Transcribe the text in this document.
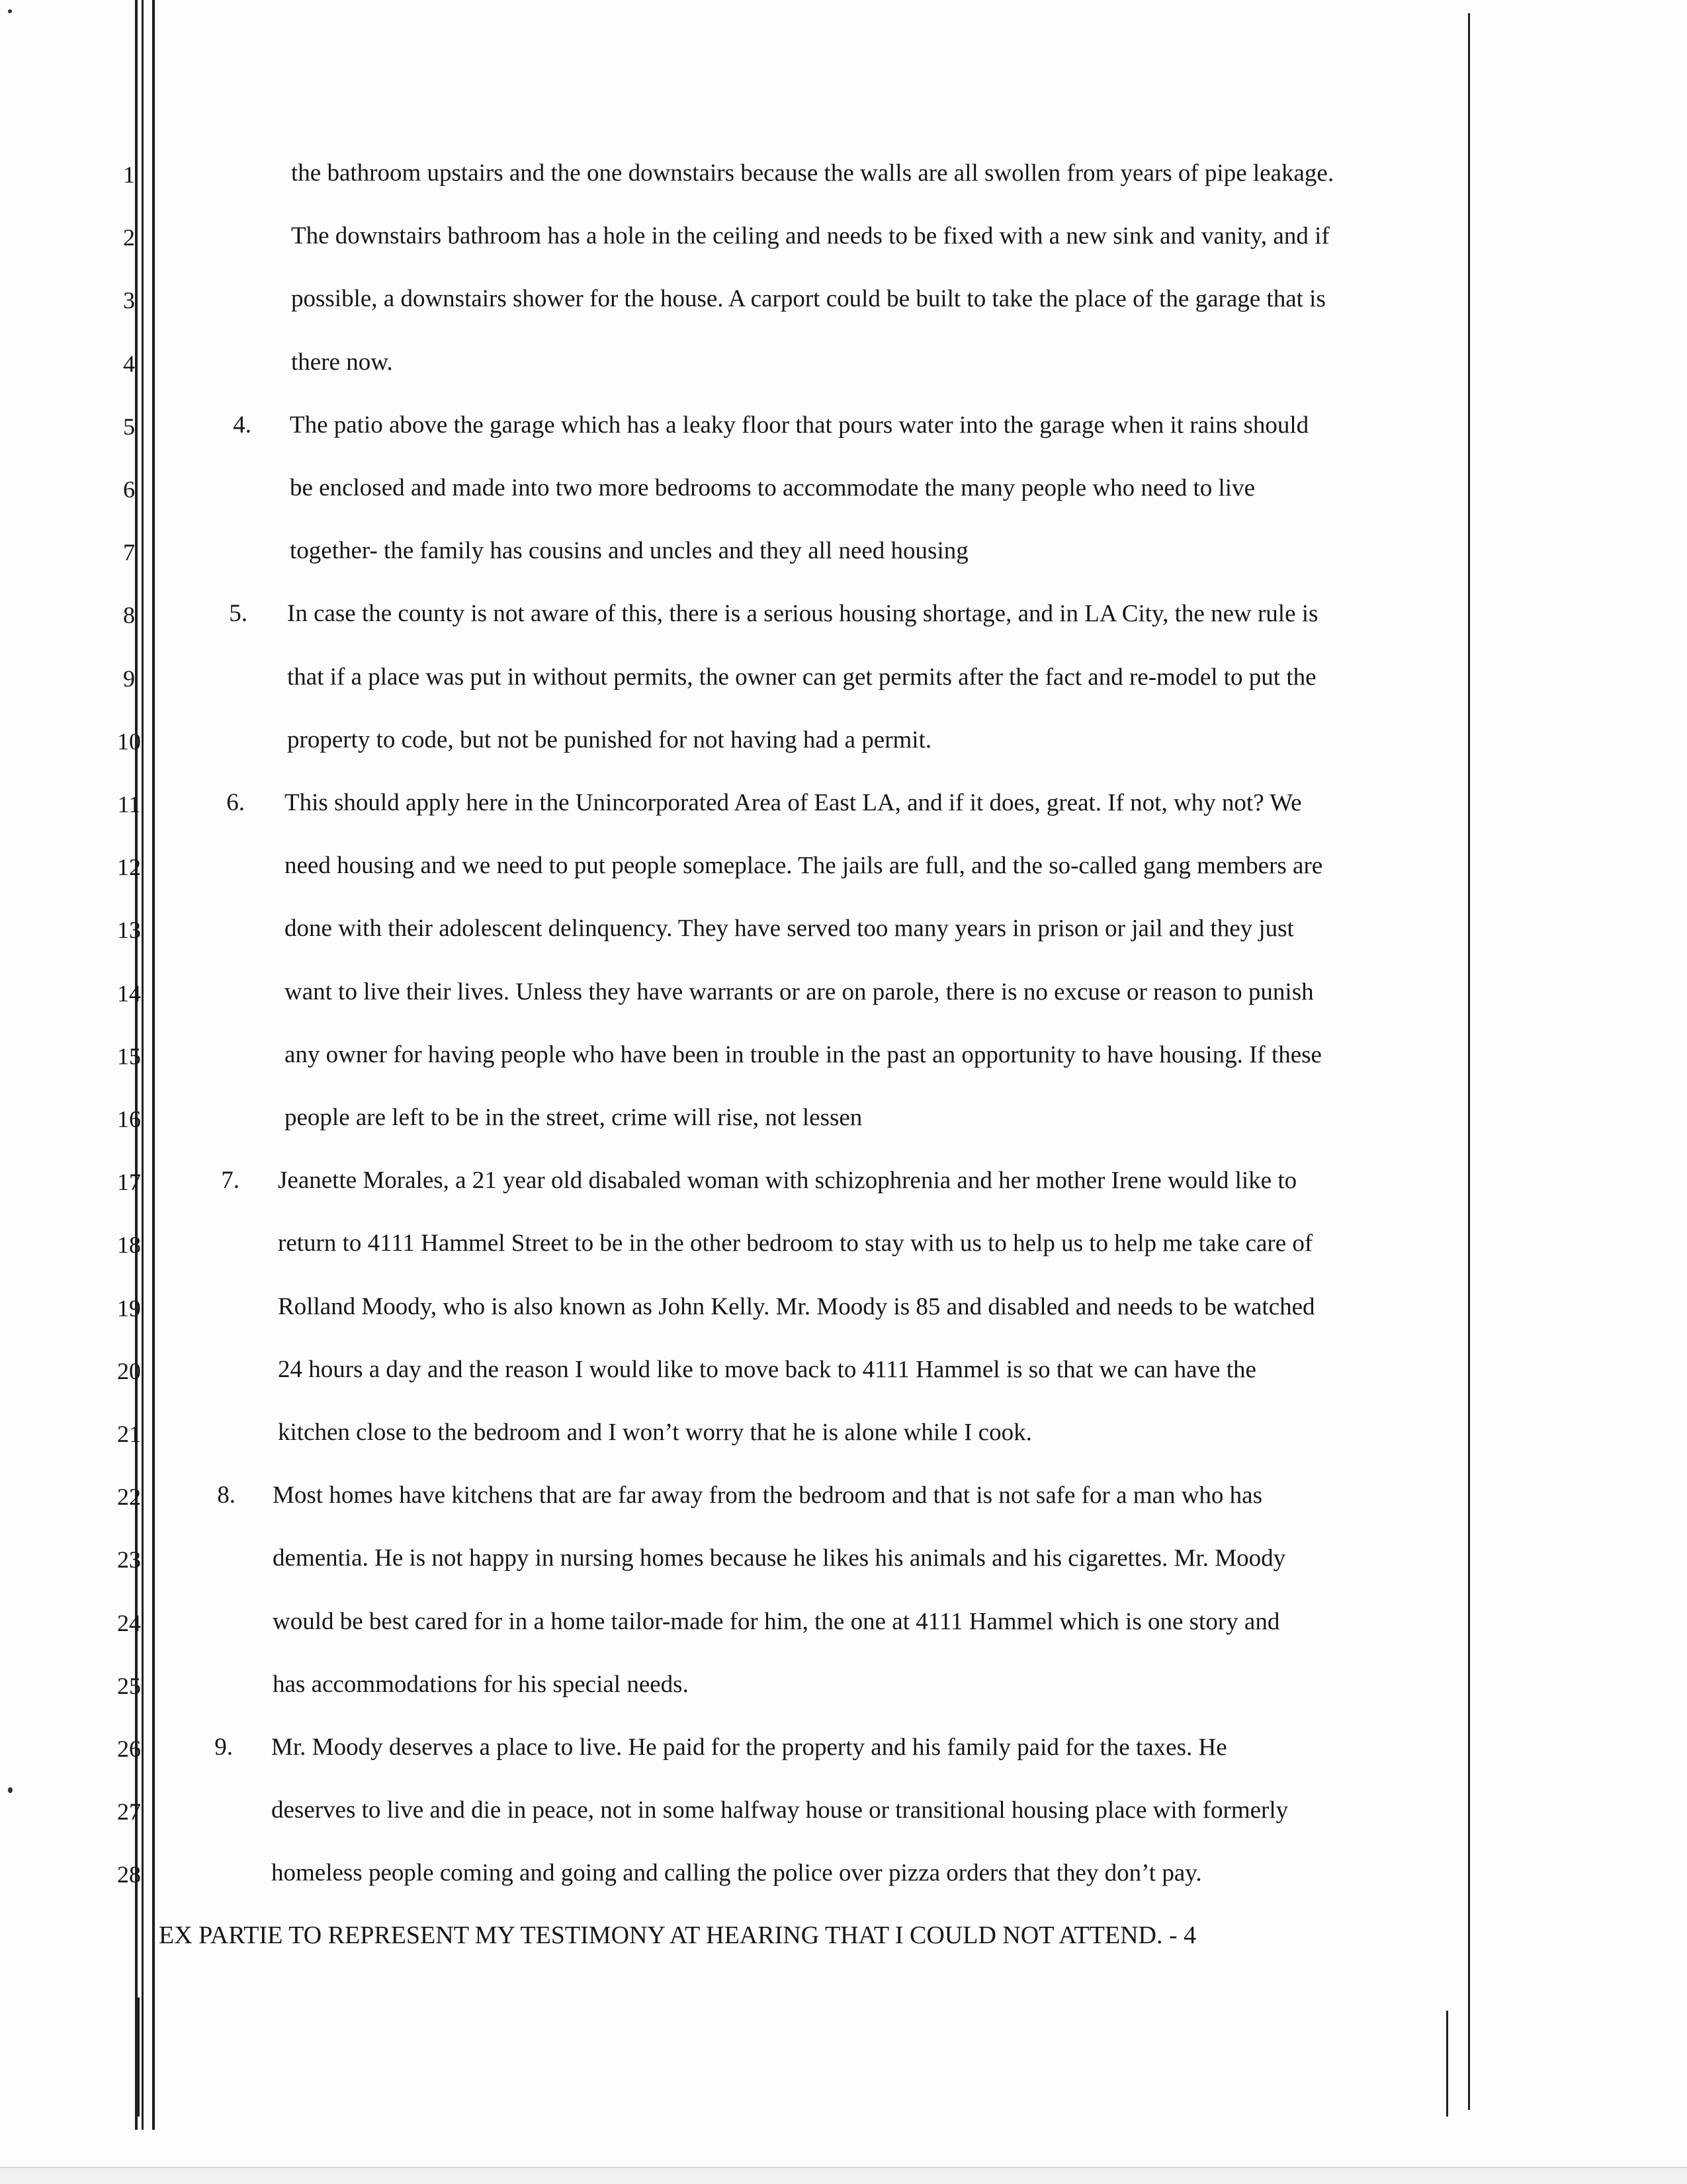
1
2
3
4
5
6
7
8
9
10
11
12
13
14
15
16
17
18
19
20
21
22
23
24
25
26
27
28
the bathroom upstairs and the one downstairs because the walls are all swollen from years of pipe leakage.
The downstairs bathroom has a hole in the ceiling and needs to be fixed with a new sink and vanity, and if
possible, a downstairs shower for the house. A carport could be built to take the place of the garage that is
there now.
4. The patio above the garage which has a leaky floor that pours water into the garage when it rains should
be enclosed and made into two more bedrooms to accommodate the many people who need to live
together- the family has cousins and uncles and they all need housing
5. In case the county is not aware of this, there is a serious housing shortage, and in LA City, the new rule is
that if a place was put in without permits, the owner can get permits after the fact and re-model to put the
property to code, but not be punished for not having had a permit.
6. This should apply here in the Unincorporated Area of East LA, and if it does, great. If not, why not? We
need housing and we need to put people someplace. The jails are full, and the so-called gang members are
done with their adolescent delinquency. They have served too many years in prison or jail and they just
want to live their lives. Unless they have warrants or are on parole, there is no excuse or reason to punish
any owner for having people who have been in trouble in the past an opportunity to have housing. If these
people are left to be in the street, crime will rise, not lessen
7. Jeanette Morales, a 21 year old disabaled woman with schizophrenia and her mother Irene would like to
return to 4111 Hammel Street to be in the other bedroom to stay with us to help us to help me take care of
Rolland Moody, who is also known as John Kelly. Mr. Moody is 85 and disabled and needs to be watched
24 hours a day and the reason I would like to move back to 4111 Hammel is so that we can have the
kitchen close to the bedroom and I won’t worry that he is alone while I cook.
8. Most homes have kitchens that are far away from the bedroom and that is not safe for a man who has
dementia. He is not happy in nursing homes because he likes his animals and his cigarettes. Mr. Moody
would be best cared for in a home tailor-made for him, the one at 4111 Hammel which is one story and
has accommodations for his special needs.
9. Mr. Moody deserves a place to live. He paid for the property and his family paid for the taxes. He
deserves to live and die in peace, not in some halfway house or transitional housing place with formerly
homeless people coming and going and calling the police over pizza orders that they don’t pay.
EX PARTIE TO REPRESENT MY TESTIMONY AT HEARING THAT I COULD NOT ATTEND. - 4
